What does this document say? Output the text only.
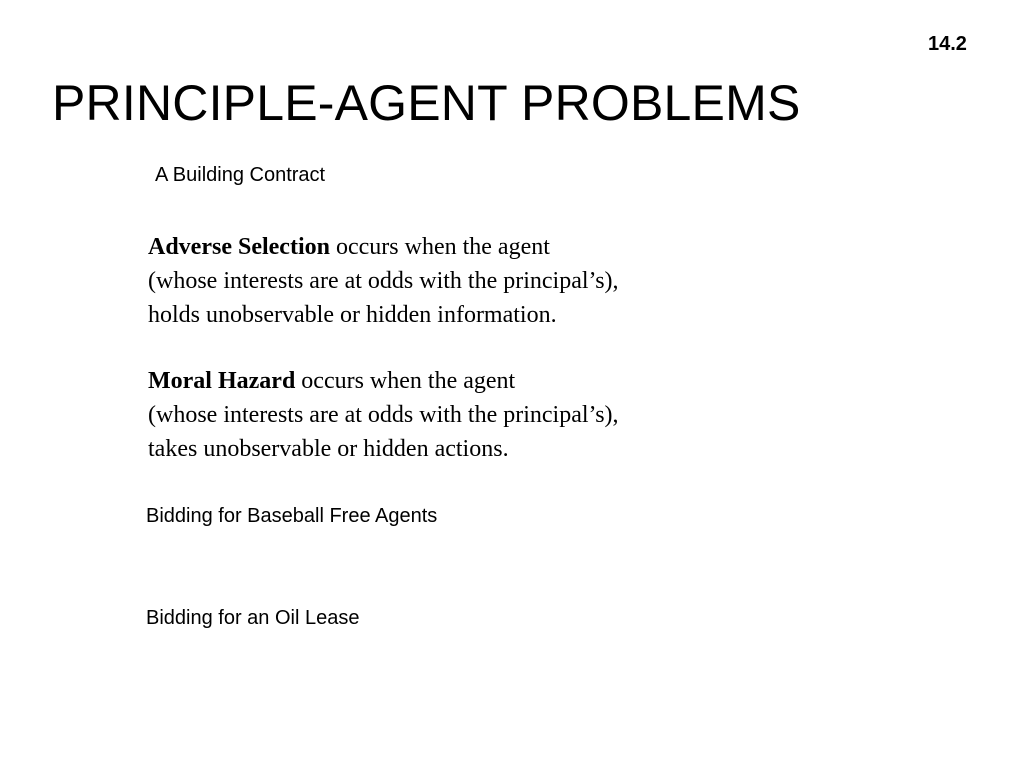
14.2
PRINCIPLE-AGENT PROBLEMS

A Building Contract

Adverse Selection occurs when the agent
(whose interests are at odds with the principal’s),
holds unobservable or hidden information.

Moral Hazard occurs when the agent
(whose interests are at odds with the principal’s),
takes unobservable or hidden actions.

Bidding for Baseball Free Agents

Bidding for an Oil Lease
